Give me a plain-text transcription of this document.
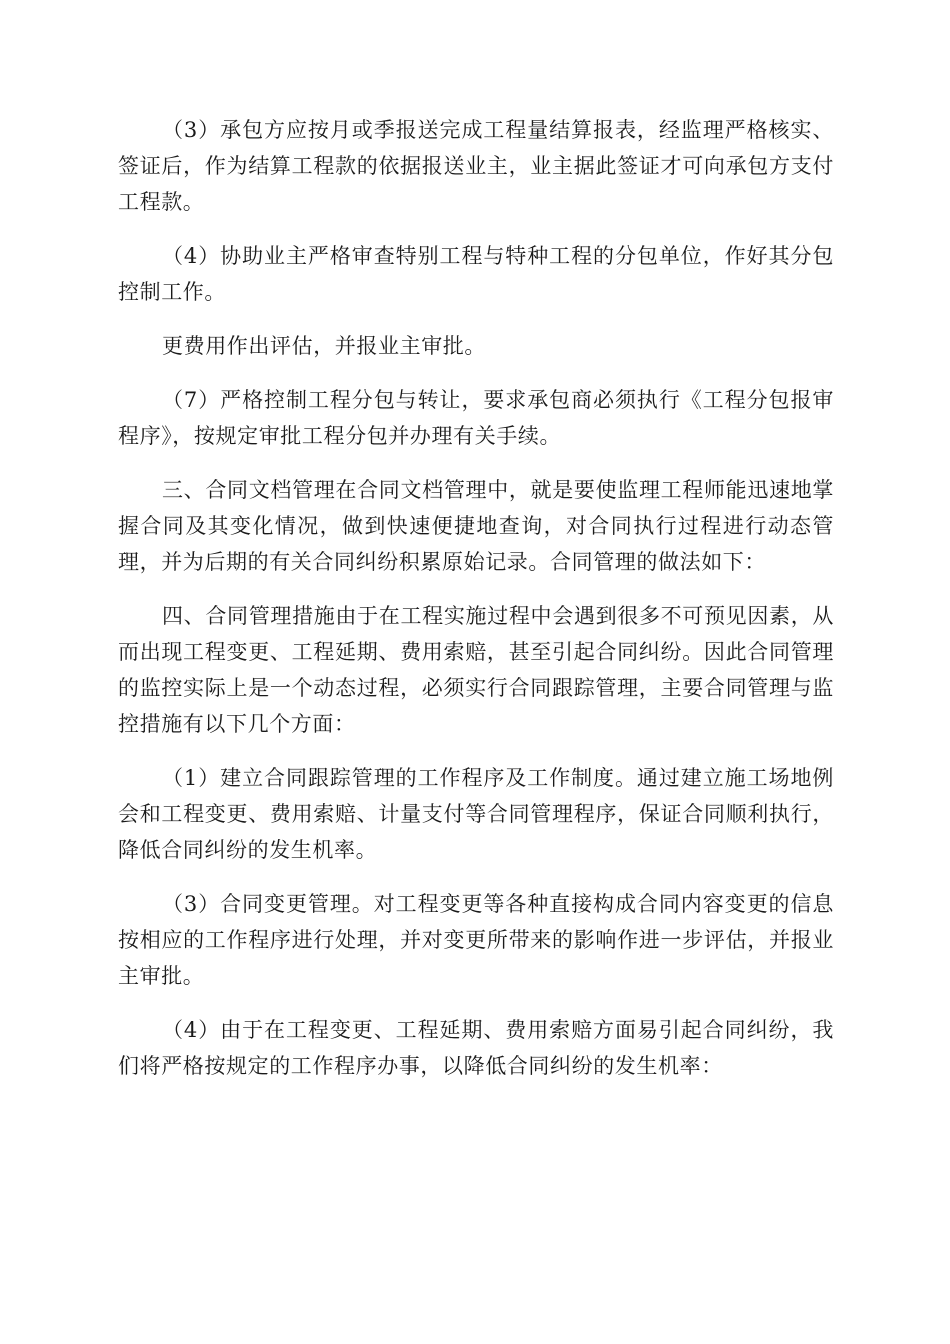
（3）承包方应按月或季报送完成工程量结算报表，经监理严格核实、签证后，作为结算工程款的依据报送业主，业主据此签证才可向承包方支付工程款。

（4）协助业主严格审查特别工程与特种工程的分包单位，作好其分包控制工作。

更费用作出评估，并报业主审批。

（7）严格控制工程分包与转让，要求承包商必须执行《工程分包报审程序》，按规定审批工程分包并办理有关手续。

三、合同文档管理在合同文档管理中，就是要使监理工程师能迅速地掌握合同及其变化情况，做到快速便捷地查询，对合同执行过程进行动态管理，并为后期的有关合同纠纷积累原始记录。合同管理的做法如下：

四、合同管理措施由于在工程实施过程中会遇到很多不可预见因素，从而出现工程变更、工程延期、费用索赔，甚至引起合同纠纷。因此合同管理的监控实际上是一个动态过程，必须实行合同跟踪管理，主要合同管理与监控措施有以下几个方面：

（1）建立合同跟踪管理的工作程序及工作制度。通过建立施工场地例会和工程变更、费用索赔、计量支付等合同管理程序，保证合同顺利执行，降低合同纠纷的发生机率。

（3）合同变更管理。对工程变更等各种直接构成合同内容变更的信息按相应的工作程序进行处理，并对变更所带来的影响作进一步评估，并报业主审批。

（4）由于在工程变更、工程延期、费用索赔方面易引起合同纠纷，我们将严格按规定的工作程序办事，以降低合同纠纷的发生机率：
